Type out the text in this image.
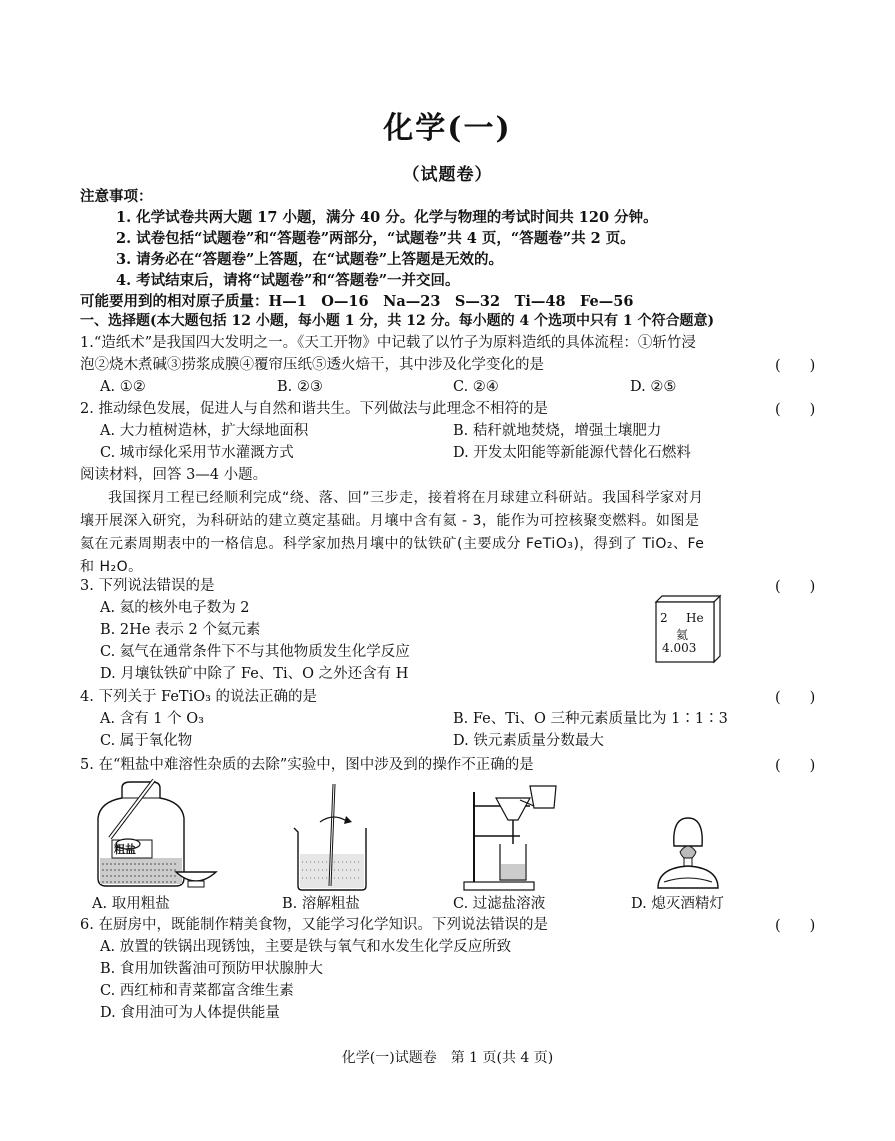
化学(一)
（试题卷）
注意事项：
1. 化学试卷共两大题 17 小题，满分 40 分。化学与物理的考试时间共 120 分钟。
2. 试卷包括“试题卷”和“答题卷”两部分，“试题卷”共 4 页，“答题卷”共 2 页。
3. 请务必在“答题卷”上答题，在“试题卷”上答题是无效的。
4. 考试结束后，请将“试题卷”和“答题卷”一并交回。
可能要用到的相对原子质量：H—1　O—16　Na—23　S—32　Ti—48　Fe—56
一、选择题(本大题包括 12 小题，每小题 1 分，共 12 分。每小题的 4 个选项中只有 1 个符合题意)
1.“造纸术”是我国四大发明之一。《天工开物》中记载了以竹子为原料造纸的具体流程：①斩竹浸
泡②烧木煮碱③捞浆成膜④覆帘压纸⑤透火焙干，其中涉及化学变化的是	(　　)
A. ①②	B. ②③	C. ②④	D. ②⑤
2. 推动绿色发展，促进人与自然和谐共生。下列做法与此理念不相符的是	(　　)
A. 大力植树造林，扩大绿地面积	B. 秸秆就地焚烧，增强土壤肥力
C. 城市绿化采用节水灌溉方式	D. 开发太阳能等新能源代替化石燃料
阅读材料，回答 3—4 小题。
我国探月工程已经顺利完成“绕、落、回”三步走，接着将在月球建立科研站。我国科学家对月
壤开展深入研究，为科研站的建立奠定基础。月壤中含有氦 - 3，能作为可控核聚变燃料。如图是
氦在元素周期表中的一格信息。科学家加热月壤中的钛铁矿(主要成分 FeTiO₃)，得到了 TiO₂、Fe
和 H₂O。
3. 下列说法错误的是	(　　)
A. 氦的核外电子数为 2
B. 2He 表示 2 个氦元素
C. 氦气在通常条件下不与其他物质发生化学反应
D. 月壤钛铁矿中除了 Fe、Ti、O 之外还含有 H
2 He
氦
4.003
4. 下列关于 FeTiO₃ 的说法正确的是	(　　)
A. 含有 1 个 O₃	B. Fe、Ti、O 三种元素质量比为 1∶1∶3
C. 属于氧化物	D. 铁元素质量分数最大
5. 在“粗盐中难溶性杂质的去除”实验中，图中涉及到的操作不正确的是	(　　)
粗盐
A. 取用粗盐	B. 溶解粗盐	C. 过滤盐溶液	D. 熄灭酒精灯
6. 在厨房中，既能制作精美食物，又能学习化学知识。下列说法错误的是	(　　)
A. 放置的铁锅出现锈蚀，主要是铁与氧气和水发生化学反应所致
B. 食用加铁酱油可预防甲状腺肿大
C. 西红柿和青菜都富含维生素
D. 食用油可为人体提供能量
化学(一)试题卷　第 1 页(共 4 页)
